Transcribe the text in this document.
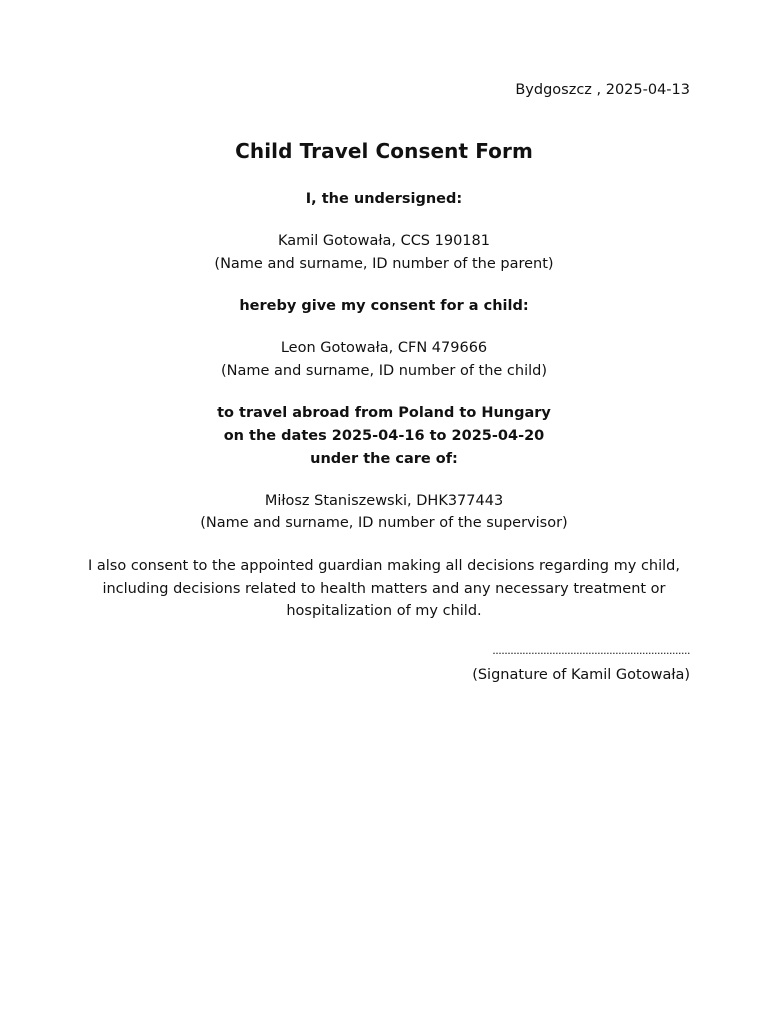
Bydgoszcz , 2025-04-13
Child Travel Consent Form
I, the undersigned:
Kamil Gotowała, CCS 190181
(Name and surname, ID number of the parent)
hereby give my consent for a child:
Leon Gotowała, CFN 479666
(Name and surname, ID number of the child)
to travel abroad from Poland to Hungary
on the dates 2025-04-16 to 2025-04-20
under the care of:
Miłosz Staniszewski, DHK377443
(Name and surname, ID number of the supervisor)
I also consent to the appointed guardian making all decisions regarding my child, including decisions related to health matters and any necessary treatment or hospitalization of my child.
..................................................................
(Signature of Kamil Gotowała)
